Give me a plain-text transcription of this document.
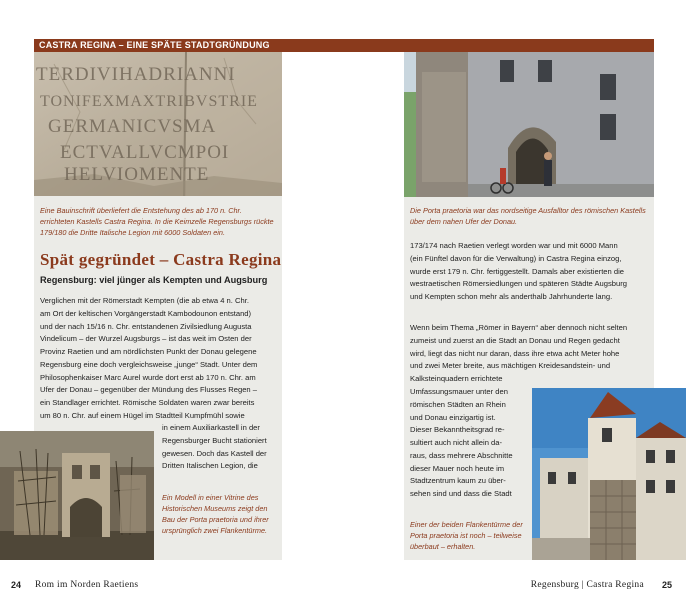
TERDIVIHADRIANNI
TONIFEXMAXTRIBVSTRIE
GERMANICVSMA
ECTVALLVCMPOI
HELVIOMENTE

Eine Bauinschrift überliefert die Entstehung des ab 170 n. Chr. errichteten Kastells Castra Regina. In die Keimzelle Regensburgs rückte 179/180 die Dritte Italische Legion mit 6000 Soldaten ein.

Spät gegründet – Castra Regina
Regensburg: viel jünger als Kempten und Augsburg
Verglichen mit der Römerstadt Kempten (die ab etwa 4 n. Chr.
am Ort der keltischen Vorgängerstadt Kambodounon entstand)
und der nach 15/16 n. Chr. entstandenen Zivilsiedlung Augusta
Vindelicum – der Wurzel Augsburgs – ist das weit im Osten der
Provinz Raetien und am nördlichsten Punkt der Donau gelegene
Regensburg eine doch vergleichsweise „junge“ Stadt. Unter dem
Philosophenkaiser Marc Aurel wurde dort erst ab 170 n. Chr. am
Ufer der Donau – gegenüber der Mündung des Flusses Regen –
ein Standlager errichtet. Römische Soldaten waren zwar bereits
um 80 n. Chr. auf einem Hügel im Stadtteil Kumpfmühl sowie
in einem Auxiliarkastell in der
Regensburger Bucht stationiert
gewesen. Doch das Kastell der
Dritten Italischen Legion, die

Ein Modell in einer Vitrine des Historischen Museums zeigt den Bau der Porta praetoria und ihrer ursprünglich zwei Flankentürme.

24 Rom im Norden Raetiens

Die Porta praetoria war das nordseitige Ausfalltor des römischen Kastells über dem nahen Ufer der Donau.

173/174 nach Raetien verlegt worden war und mit 6000 Mann
(ein Fünftel davon für die Verwaltung) in Castra Regina einzog,
wurde erst 179 n. Chr. fertiggestellt. Damals aber existierten die
westraetischen Römersiedlungen und späteren Städte Augsburg
und Kempten schon mehr als anderthalb Jahrhunderte lang.
Wenn beim Thema „Römer in Bayern“ aber dennoch nicht selten
zumeist und zuerst an die Stadt an Donau und Regen gedacht
wird, liegt das nicht nur daran, dass ihre etwa acht Meter hohe
und zwei Meter breite, aus mächtigen Kreidesandstein- und
Kalksteinquadern errichtete
Umfassungsmauer unter den
römischen Städten an Rhein
und Donau einzigartig ist.
Dieser Bekanntheitsgrad re-
sultiert auch nicht allein da-
raus, dass mehrere Abschnitte
dieser Mauer noch heute im
Stadtzentrum kaum zu über-
sehen sind und dass die Stadt

Einer der beiden Flankentürme der Porta praetoria ist noch – teilweise überbaut – erhalten.

Regensburg | Castra Regina 25
CASTRA REGINA – EINE SPÄTE STADTGRÜNDUNG
